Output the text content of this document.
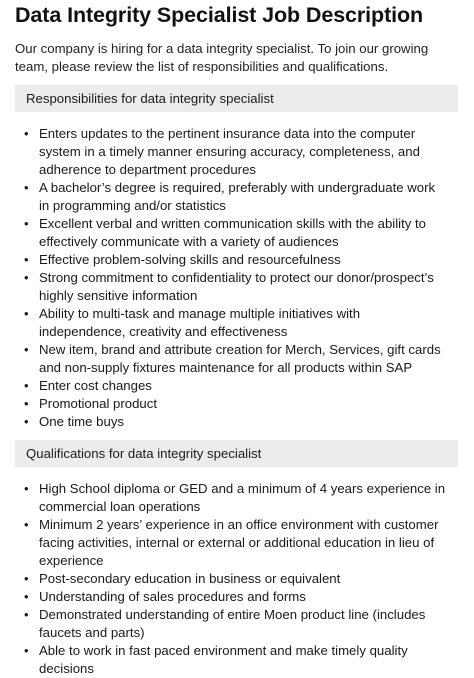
Data Integrity Specialist Job Description

Our company is hiring for a data integrity specialist. To join our growing team, please review the list of responsibilities and qualifications.

Responsibilities for data integrity specialist
• Enters updates to the pertinent insurance data into the computer system in a timely manner ensuring accuracy, completeness, and adherence to department procedures
• A bachelor’s degree is required, preferably with undergraduate work in programming and/or statistics
• Excellent verbal and written communication skills with the ability to effectively communicate with a variety of audiences
• Effective problem-solving skills and resourcefulness
• Strong commitment to confidentiality to protect our donor/prospect’s highly sensitive information
• Ability to multi-task and manage multiple initiatives with independence, creativity and effectiveness
• New item, brand and attribute creation for Merch, Services, gift cards and non-supply fixtures maintenance for all products within SAP
• Enter cost changes
• Promotional product
• One time buys
Qualifications for data integrity specialist
• High School diploma or GED and a minimum of 4 years experience in commercial loan operations
• Minimum 2 years’ experience in an office environment with customer facing activities, internal or external or additional education in lieu of experience
• Post-secondary education in business or equivalent
• Understanding of sales procedures and forms
• Demonstrated understanding of entire Moen product line (includes faucets and parts)
• Able to work in fast paced environment and make timely quality decisions
